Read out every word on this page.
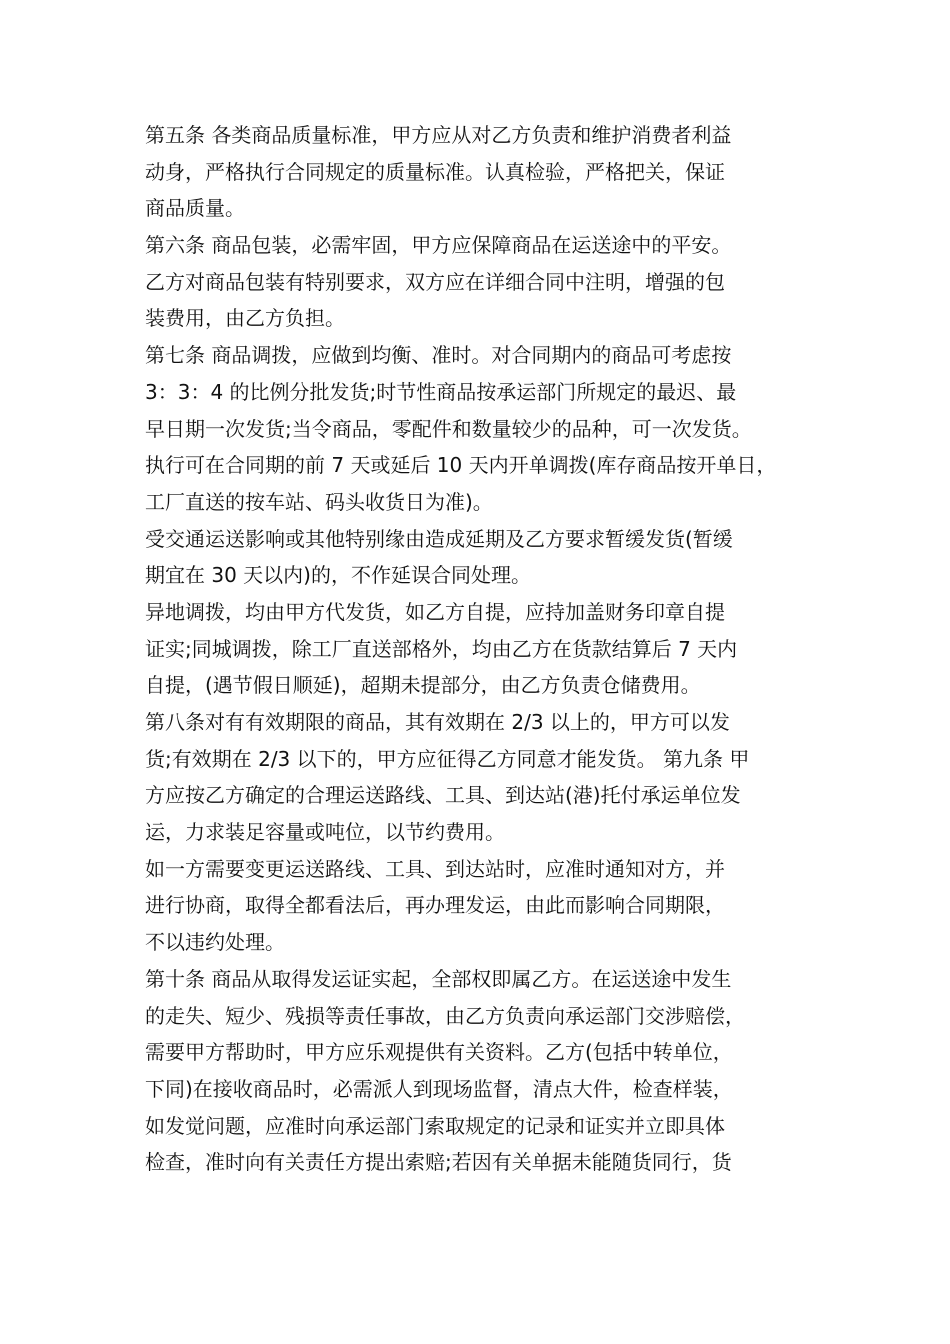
第五条 各类商品质量标准，甲方应从对乙方负责和维护消费者利益
动身，严格执行合同规定的质量标准。认真检验，严格把关，保证
商品质量。
第六条 商品包装，必需牢固，甲方应保障商品在运送途中的平安。
乙方对商品包装有特别要求，双方应在详细合同中注明，增强的包
装费用，由乙方负担。
第七条 商品调拨，应做到均衡、准时。对合同期内的商品可考虑按
3：3：4 的比例分批发货;时节性商品按承运部门所规定的最迟、最
早日期一次发货;当令商品，零配件和数量较少的品种，可一次发货。
执行可在合同期的前 7 天或延后 10 天内开单调拨(库存商品按开单日，
工厂直送的按车站、码头收货日为准)。
受交通运送影响或其他特别缘由造成延期及乙方要求暂缓发货(暂缓
期宜在 30 天以内)的，不作延误合同处理。
异地调拨，均由甲方代发货，如乙方自提，应持加盖财务印章自提
证实;同城调拨，除工厂直送部格外，均由乙方在货款结算后 7 天内
自提，(遇节假日顺延)，超期未提部分，由乙方负责仓储费用。
第八条对有有效期限的商品，其有效期在 2/3 以上的，甲方可以发
货;有效期在 2/3 以下的，甲方应征得乙方同意才能发货。 第九条 甲
方应按乙方确定的合理运送路线、工具、到达站(港)托付承运单位发
运，力求装足容量或吨位，以节约费用。
如一方需要变更运送路线、工具、到达站时，应准时通知对方，并
进行协商，取得全都看法后，再办理发运，由此而影响合同期限，
不以违约处理。
第十条 商品从取得发运证实起，全部权即属乙方。在运送途中发生
的走失、短少、残损等责任事故，由乙方负责向承运部门交涉赔偿，
需要甲方帮助时，甲方应乐观提供有关资料。乙方(包括中转单位，
下同)在接收商品时，必需派人到现场监督，清点大件，检查样装，
如发觉问题，应准时向承运部门索取规定的记录和证实并立即具体
检查，准时向有关责任方提出索赔;若因有关单据未能随货同行，货
